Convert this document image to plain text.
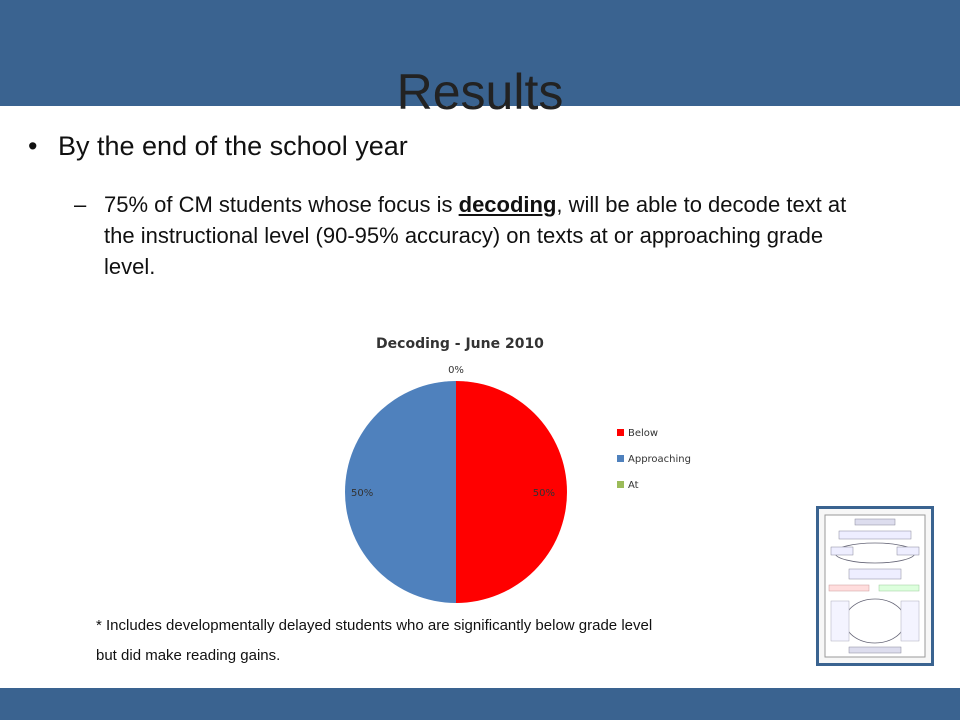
Results
• By the end of the school year
– 75% of CM students whose focus is decoding, will be able to decode text at the instructional level (90-95% accuracy) on texts at or approaching grade level.
Decoding - June 2010
50%
50%
0%
Below
Approaching
At
* Includes developmentally delayed students who are significantly below grade level
but did make reading gains.
